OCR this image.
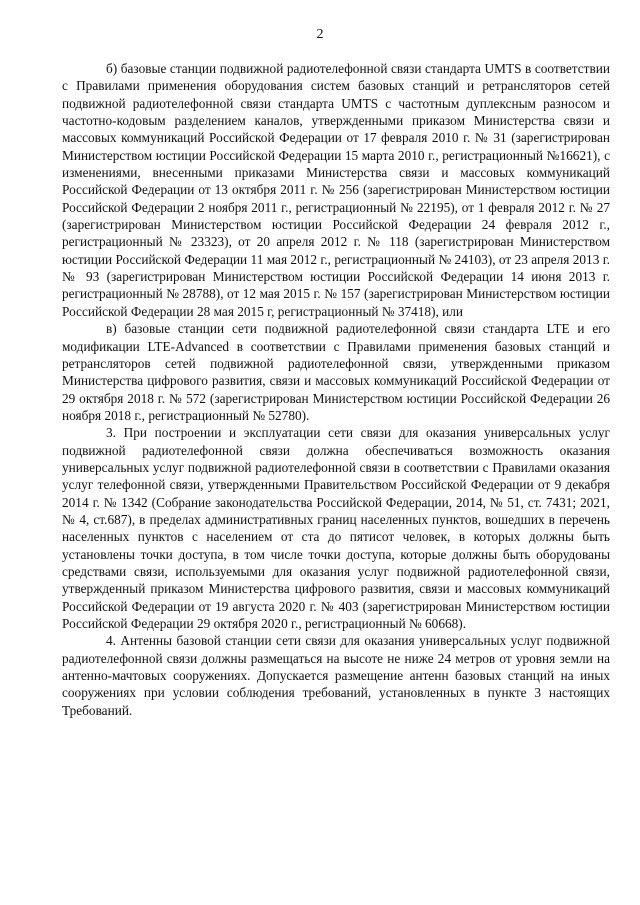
2

б) базовые станции подвижной радиотелефонной связи стандарта UMTS в соответствии с Правилами применения оборудования систем базовых станций и ретрансляторов сетей подвижной радиотелефонной связи стандарта UMTS с частотным дуплексным разносом и частотно-кодовым разделением каналов, утвержденными приказом Министерства связи и массовых коммуникаций Российской Федерации от 17 февраля 2010 г. № 31 (зарегистрирован Министерством юстиции Российской Федерации 15 марта 2010 г., регистрационный №16621), с изменениями, внесенными приказами Министерства связи и массовых коммуникаций Российской Федерации от 13 октября 2011 г. № 256 (зарегистрирован Министерством юстиции Российской Федерации 2 ноября 2011 г., регистрационный № 22195), от 1 февраля 2012 г. № 27 (зарегистрирован Министерством юстиции Российской Федерации 24 февраля 2012 г., регистрационный № 23323), от 20 апреля 2012 г. № 118 (зарегистрирован Министерством юстиции Российской Федерации 11 мая 2012 г., регистрационный № 24103), от 23 апреля 2013 г. № 93 (зарегистрирован Министерством юстиции Российской Федерации 14 июня 2013 г. регистрационный № 28788), от 12 мая 2015 г. № 157 (зарегистрирован Министерством юстиции Российской Федерации 28 мая 2015 г, регистрационный № 37418), или

в) базовые станции сети подвижной радиотелефонной связи стандарта LTE и его модификации LTE-Advanced в соответствии с Правилами применения базовых станций и ретрансляторов сетей подвижной радиотелефонной связи, утвержденными приказом Министерства цифрового развития, связи и массовых коммуникаций Российской Федерации от 29 октября 2018 г. № 572 (зарегистрирован Министерством юстиции Российской Федерации 26 ноября 2018 г., регистрационный № 52780).

3. При построении и эксплуатации сети связи для оказания универсальных услуг подвижной радиотелефонной связи должна обеспечиваться возможность оказания универсальных услуг подвижной радиотелефонной связи в соответствии с Правилами оказания услуг телефонной связи, утвержденными Правительством Российской Федерации от 9 декабря 2014 г. № 1342 (Собрание законодательства Российской Федерации, 2014, № 51, ст. 7431; 2021, № 4, ст.687), в пределах административных границ населенных пунктов, вошедших в перечень населенных пунктов с населением от ста до пятисот человек, в которых должны быть установлены точки доступа, в том числе точки доступа, которые должны быть оборудованы средствами связи, используемыми для оказания услуг подвижной радиотелефонной связи, утвержденный приказом Министерства цифрового развития, связи и массовых коммуникаций Российской Федерации от 19 августа 2020 г. № 403 (зарегистрирован Министерством юстиции Российской Федерации 29 октября 2020 г., регистрационный № 60668).

4. Антенны базовой станции сети связи для оказания универсальных услуг подвижной радиотелефонной связи должны размещаться на высоте не ниже 24 метров от уровня земли на антенно-мачтовых сооружениях. Допускается размещение антенн базовых станций на иных сооружениях при условии соблюдения требований, установленных в пункте 3 настоящих Требований.
